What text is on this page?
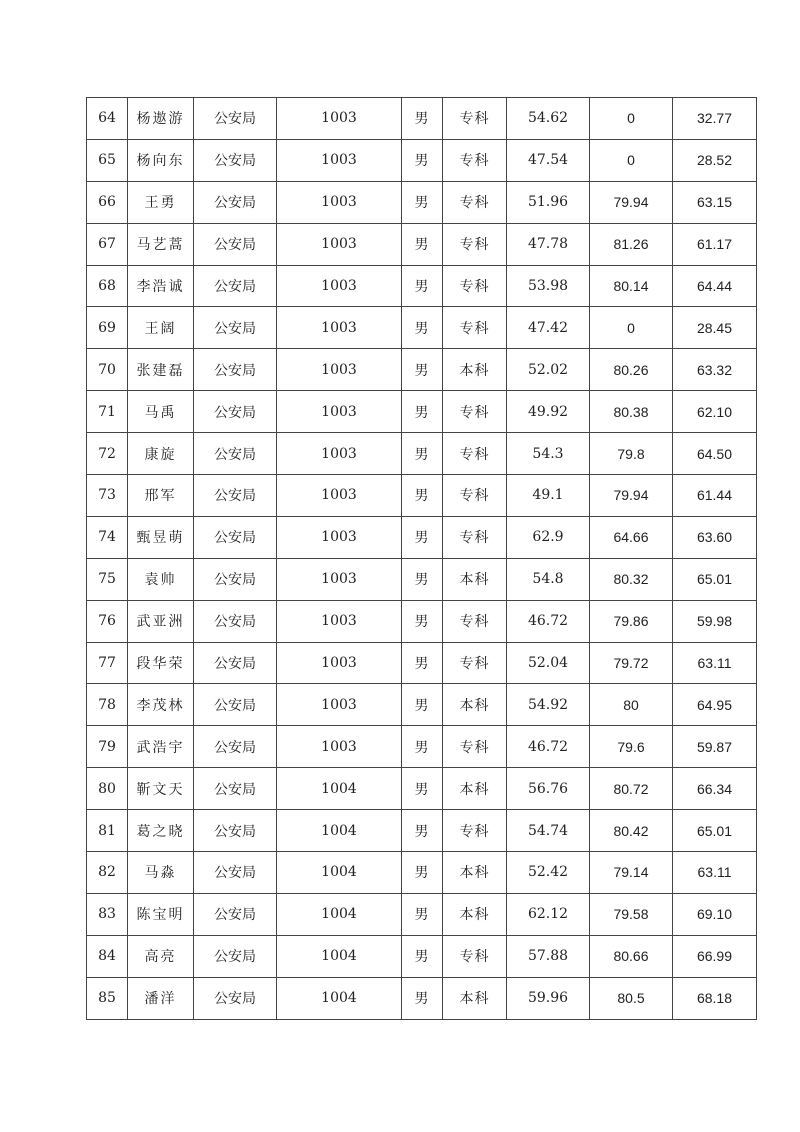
64	杨遨游	公安局	1003	男	专科	54.62	0	32.77
65	杨向东	公安局	1003	男	专科	47.54	0	28.52
66	王勇	公安局	1003	男	专科	51.96	79.94	63.15
67	马艺蒿	公安局	1003	男	专科	47.78	81.26	61.17
68	李浩诚	公安局	1003	男	专科	53.98	80.14	64.44
69	王阔	公安局	1003	男	专科	47.42	0	28.45
70	张建磊	公安局	1003	男	本科	52.02	80.26	63.32
71	马禹	公安局	1003	男	专科	49.92	80.38	62.10
72	康旋	公安局	1003	男	专科	54.3	79.8	64.50
73	邢军	公安局	1003	男	专科	49.1	79.94	61.44
74	甄昱萌	公安局	1003	男	专科	62.9	64.66	63.60
75	袁帅	公安局	1003	男	本科	54.8	80.32	65.01
76	武亚洲	公安局	1003	男	专科	46.72	79.86	59.98
77	段华荣	公安局	1003	男	专科	52.04	79.72	63.11
78	李茂林	公安局	1003	男	本科	54.92	80	64.95
79	武浩宇	公安局	1003	男	专科	46.72	79.6	59.87
80	靳文天	公安局	1004	男	本科	56.76	80.72	66.34
81	葛之晓	公安局	1004	男	专科	54.74	80.42	65.01
82	马淼	公安局	1004	男	本科	52.42	79.14	63.11
83	陈宝明	公安局	1004	男	本科	62.12	79.58	69.10
84	高亮	公安局	1004	男	专科	57.88	80.66	66.99
85	潘洋	公安局	1004	男	本科	59.96	80.5	68.18
